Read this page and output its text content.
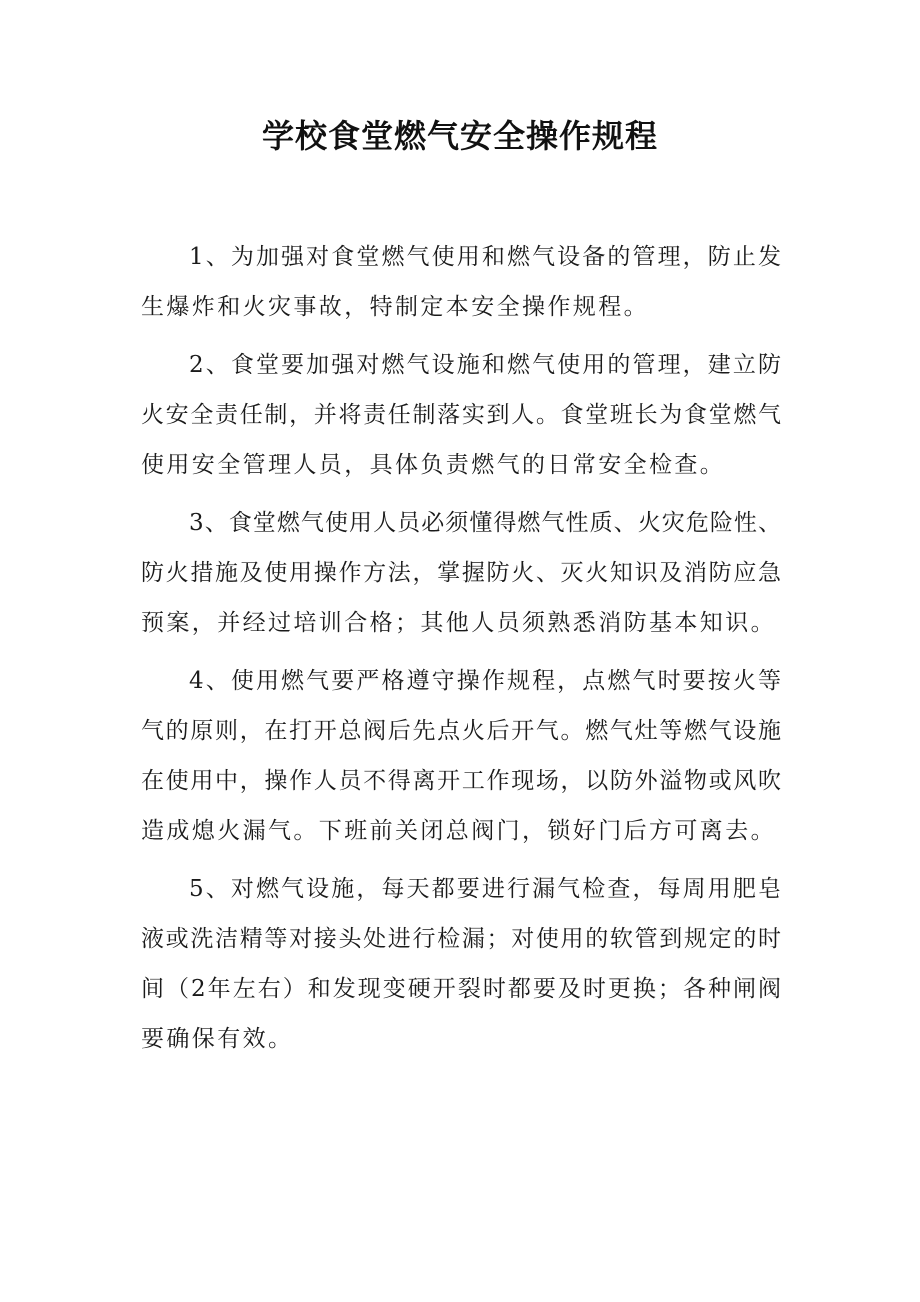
学校食堂燃气安全操作规程
1、为加强对食堂燃气使用和燃气设备的管理，防止发
生爆炸和火灾事故，特制定本安全操作规程。
2、食堂要加强对燃气设施和燃气使用的管理，建立防
火安全责任制，并将责任制落实到人。食堂班长为食堂燃气
使用安全管理人员，具体负责燃气的日常安全检查。
3、食堂燃气使用人员必须懂得燃气性质、火灾危险性、
防火措施及使用操作方法，掌握防火、灭火知识及消防应急
预案，并经过培训合格；其他人员须熟悉消防基本知识。
4、使用燃气要严格遵守操作规程，点燃气时要按火等
气的原则，在打开总阀后先点火后开气。燃气灶等燃气设施
在使用中，操作人员不得离开工作现场，以防外溢物或风吹
造成熄火漏气。下班前关闭总阀门，锁好门后方可离去。
5、对燃气设施，每天都要进行漏气检查，每周用肥皂
液或洗洁精等对接头处进行检漏；对使用的软管到规定的时
间（2年左右）和发现变硬开裂时都要及时更换；各种闸阀
要确保有效。
